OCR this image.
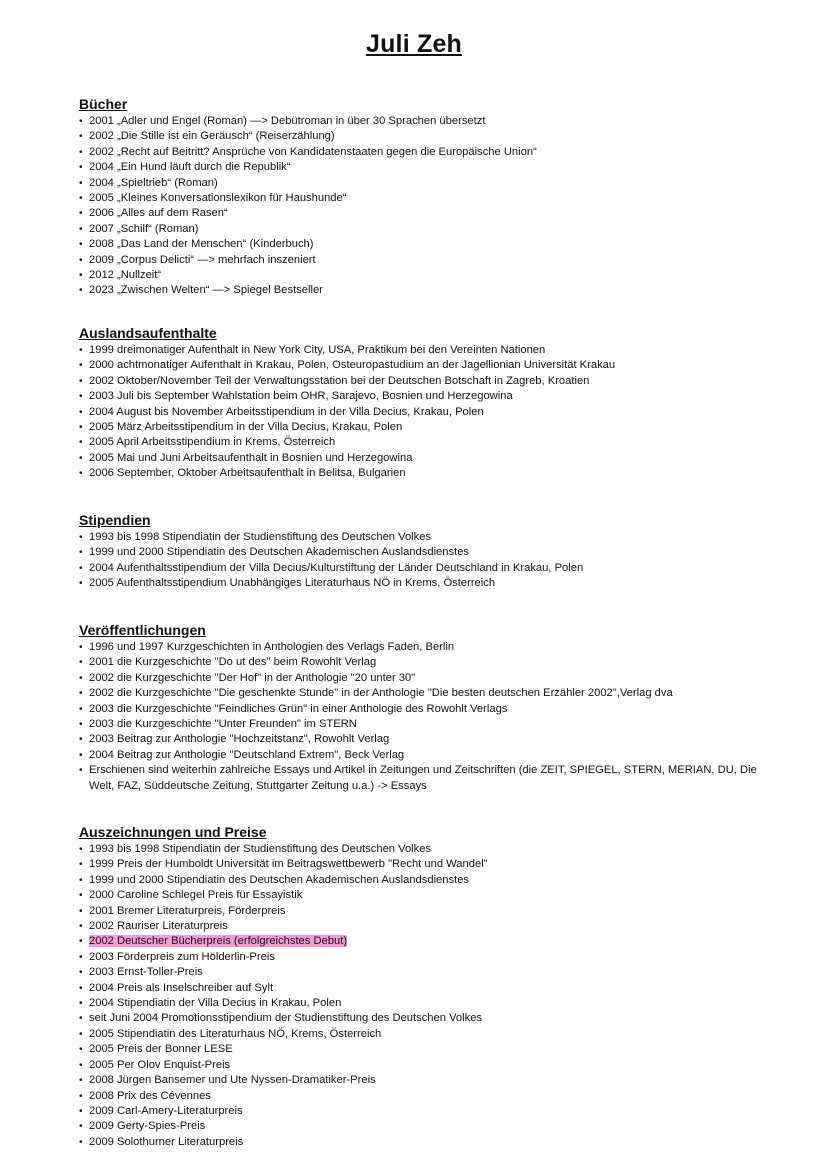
Juli Zeh
Bücher
• 2001 „Adler und Engel (Roman) —> Debütroman in über 30 Sprachen übersetzt
• 2002 „Die Stille ist ein Geräusch“ (Reiserzählung)
• 2002 „Recht auf Beitritt? Ansprüche von Kandidatenstaaten gegen die Europäische Union“
• 2004 „Ein Hund läuft durch die Republik“
• 2004 „Spieltrieb“ (Roman)
• 2005 „Kleines Konversationslexikon für Haushunde“
• 2006 „Alles auf dem Rasen“
• 2007 „Schilf“ (Roman)
• 2008 „Das Land der Menschen“ (Kinderbuch)
• 2009 „Corpus Delicti“ —> mehrfach inszeniert
• 2012 „Nullzeit“
• 2023 „Zwischen Welten“ —> Spiegel Bestseller
Auslandsaufenthalte
• 1999 dreimonatiger Aufenthalt in New York City, USA, Praktikum bei den Vereinten Nationen
• 2000 achtmonatiger Aufenthalt in Krakau, Polen, Osteuropastudium an der Jagellionian Universität Krakau
• 2002 Oktober/November Teil der Verwaltungsstation bei der Deutschen Botschaft in Zagreb, Kroatien
• 2003 Juli bis September Wahlstation beim OHR, Sarajevo, Bosnien und Herzegowina
• 2004 August bis November Arbeitsstipendium in der Villa Decius, Krakau, Polen
• 2005 März Arbeitsstipendium in der Villa Decius, Krakau, Polen
• 2005 April Arbeitsstipendium in Krems, Österreich
• 2005 Mai und Juni Arbeitsaufenthalt in Bosnien und Herzegowina
• 2006 September, Oktober Arbeitsaufenthalt in Belitsa, Bulgarien
Stipendien
• 1993 bis 1998 Stipendiatin der Studienstiftung des Deutschen Volkes
• 1999 und 2000 Stipendiatin des Deutschen Akademischen Auslandsdienstes
• 2004 Aufenthaltsstipendium der Villa Decius/Kulturstiftung der Länder Deutschland in Krakau, Polen
• 2005 Aufenthaltsstipendium Unabhängiges Literaturhaus NÖ in Krems, Österreich
Veröffentlichungen
• 1996 und 1997 Kurzgeschichten in Anthologien des Verlags Faden, Berlin
• 2001 die Kurzgeschichte "Do ut des" beim Rowohlt Verlag
• 2002 die Kurzgeschichte "Der Hof" in der Anthologie "20 unter 30"
• 2002 die Kurzgeschichte "Die geschenkte Stunde" in der Anthologie "Die besten deutschen Erzähler 2002",Verlag dva
• 2003 die Kurzgeschichte "Feindliches Grün" in einer Anthologie des Rowohlt Verlags
• 2003 die Kurzgeschichte "Unter Freunden" im STERN
• 2003 Beitrag zur Anthologie "Hochzeitstanz", Rowohlt Verlag
• 2004 Beitrag zur Anthologie "Deutschland Extrem", Beck Verlag
• Erschienen sind weiterhin zahlreiche Essays und Artikel in Zeitungen und Zeitschriften (die ZEIT, SPIEGEL, STERN, MERIAN, DU, Die Welt, FAZ, Süddeutsche Zeitung, Stuttgarter Zeitung u.a.) -> Essays
Auszeichnungen und Preise
• 1993 bis 1998 Stipendiatin der Studienstiftung des Deutschen Volkes
• 1999 Preis der Humboldt Universität im Beitragswettbewerb "Recht und Wandel"
• 1999 und 2000 Stipendiatin des Deutschen Akademischen Auslandsdienstes
• 2000 Caroline Schlegel Preis für Essayistik
• 2001 Bremer Literaturpreis, Förderpreis
• 2002 Rauriser Literaturpreis
• 2002 Deutscher Bücherpreis (erfolgreichstes Debut)
• 2003 Förderpreis zum Hölderlin-Preis
• 2003 Ernst-Toller-Preis
• 2004 Preis als Inselschreiber auf Sylt
• 2004 Stipendiatin der Villa Decius in Krakau, Polen
• seit Juni 2004 Promotionsstipendium der Studienstiftung des Deutschen Volkes
• 2005 Stipendiatin des Literaturhaus NÖ, Krems, Österreich
• 2005 Preis der Bonner LESE
• 2005 Per Olov Enquist-Preis
• 2008 Jürgen Bansemer und Ute Nyssen-Dramatiker-Preis
• 2008 Prix des Cévennes
• 2009 Carl-Amery-Literaturpreis
• 2009 Gerty-Spies-Preis
• 2009 Solothurner Literaturpreis
